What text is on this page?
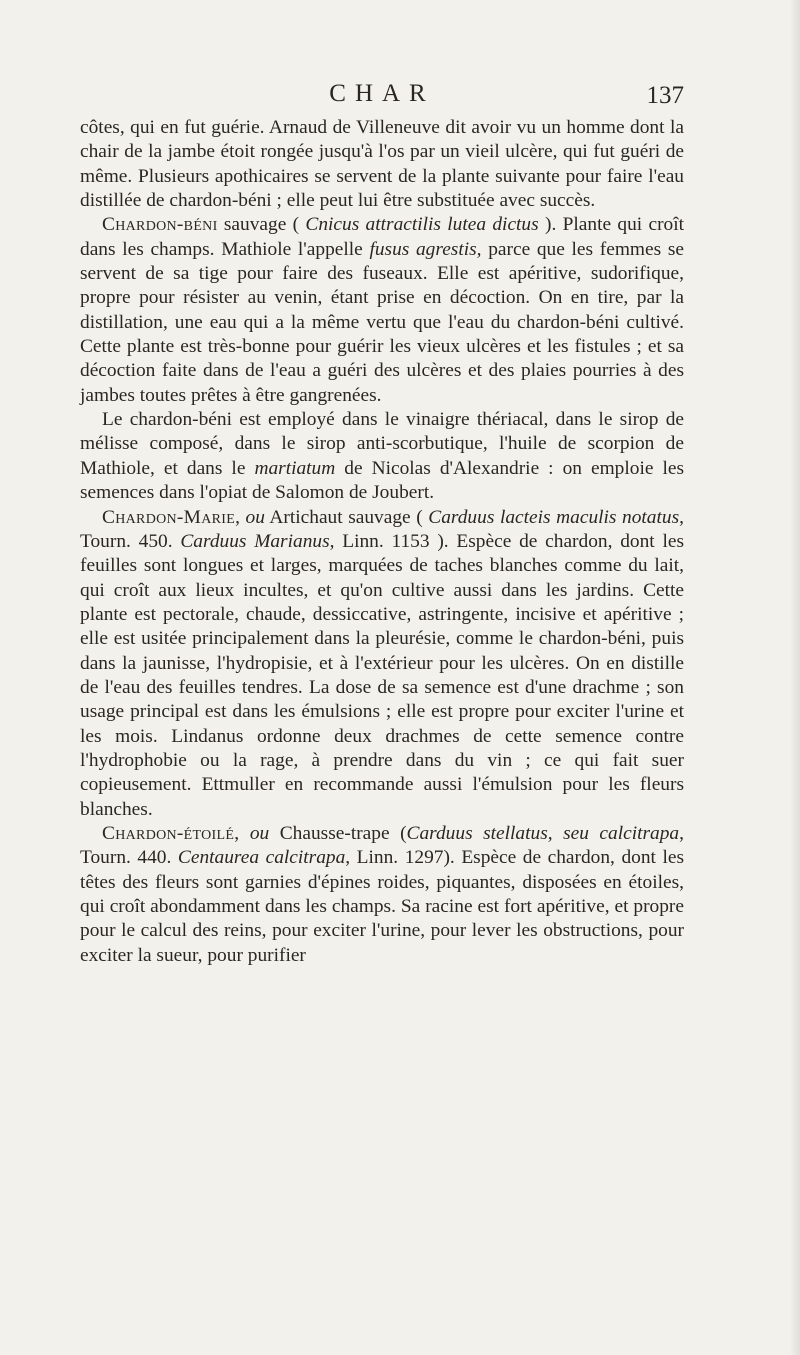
CHAR	137

côtes, qui en fut guérie. Arnaud de Villeneuve dit avoir vu un homme dont la chair de la jambe étoit rongée jusqu'à l'os par un vieil ulcère, qui fut guéri de même. Plusieurs apothicaires se servent de la plante suivante pour faire l'eau distillée de chardon-béni ; elle peut lui être substituée avec succès.

Chardon-béni sauvage ( Cnicus attractilis lutea dictus ). Plante qui croît dans les champs. Mathiole l'appelle fusus agrestis, parce que les femmes se servent de sa tige pour faire des fuseaux. Elle est apéritive, sudorifique, propre pour résister au venin, étant prise en décoction. On en tire, par la distillation, une eau qui a la même vertu que l'eau du chardon-béni cultivé. Cette plante est très-bonne pour guérir les vieux ulcères et les fistules ; et sa décoction faite dans de l'eau a guéri des ulcères et des plaies pourries à des jambes toutes prêtes à être gangrenées.

Le chardon-béni est employé dans le vinaigre thériacal, dans le sirop de mélisse composé, dans le sirop anti-scorbutique, l'huile de scorpion de Mathiole, et dans le martiatum de Nicolas d'Alexandrie : on emploie les semences dans l'opiat de Salomon de Joubert.

Chardon-Marie, ou Artichaut sauvage ( Carduus lacteis maculis notatus, Tourn. 450. Carduus Marianus, Linn. 1153 ). Espèce de chardon, dont les feuilles sont longues et larges, marquées de taches blanches comme du lait, qui croît aux lieux incultes, et qu'on cultive aussi dans les jardins. Cette plante est pectorale, chaude, dessiccative, astringente, incisive et apéritive ; elle est usitée principalement dans la pleurésie, comme le chardon-béni, puis dans la jaunisse, l'hydropisie, et à l'extérieur pour les ulcères. On en distille de l'eau des feuilles tendres. La dose de sa semence est d'une drachme ; son usage principal est dans les émulsions ; elle est propre pour exciter l'urine et les mois. Lindanus ordonne deux drachmes de cette semence contre l'hydrophobie ou la rage, à prendre dans du vin ; ce qui fait suer copieusement. Ettmuller en recommande aussi l'émulsion pour les fleurs blanches.

Chardon-étoilé, ou Chausse-trape (Carduus stellatus, seu calcitrapa, Tourn. 440. Centaurea calcitrapa, Linn. 1297). Espèce de chardon, dont les têtes des fleurs sont garnies d'épines roides, piquantes, disposées en étoiles, qui croît abondamment dans les champs. Sa racine est fort apéritive, et propre pour le calcul des reins, pour exciter l'urine, pour lever les obstructions, pour exciter la sueur, pour purifier
